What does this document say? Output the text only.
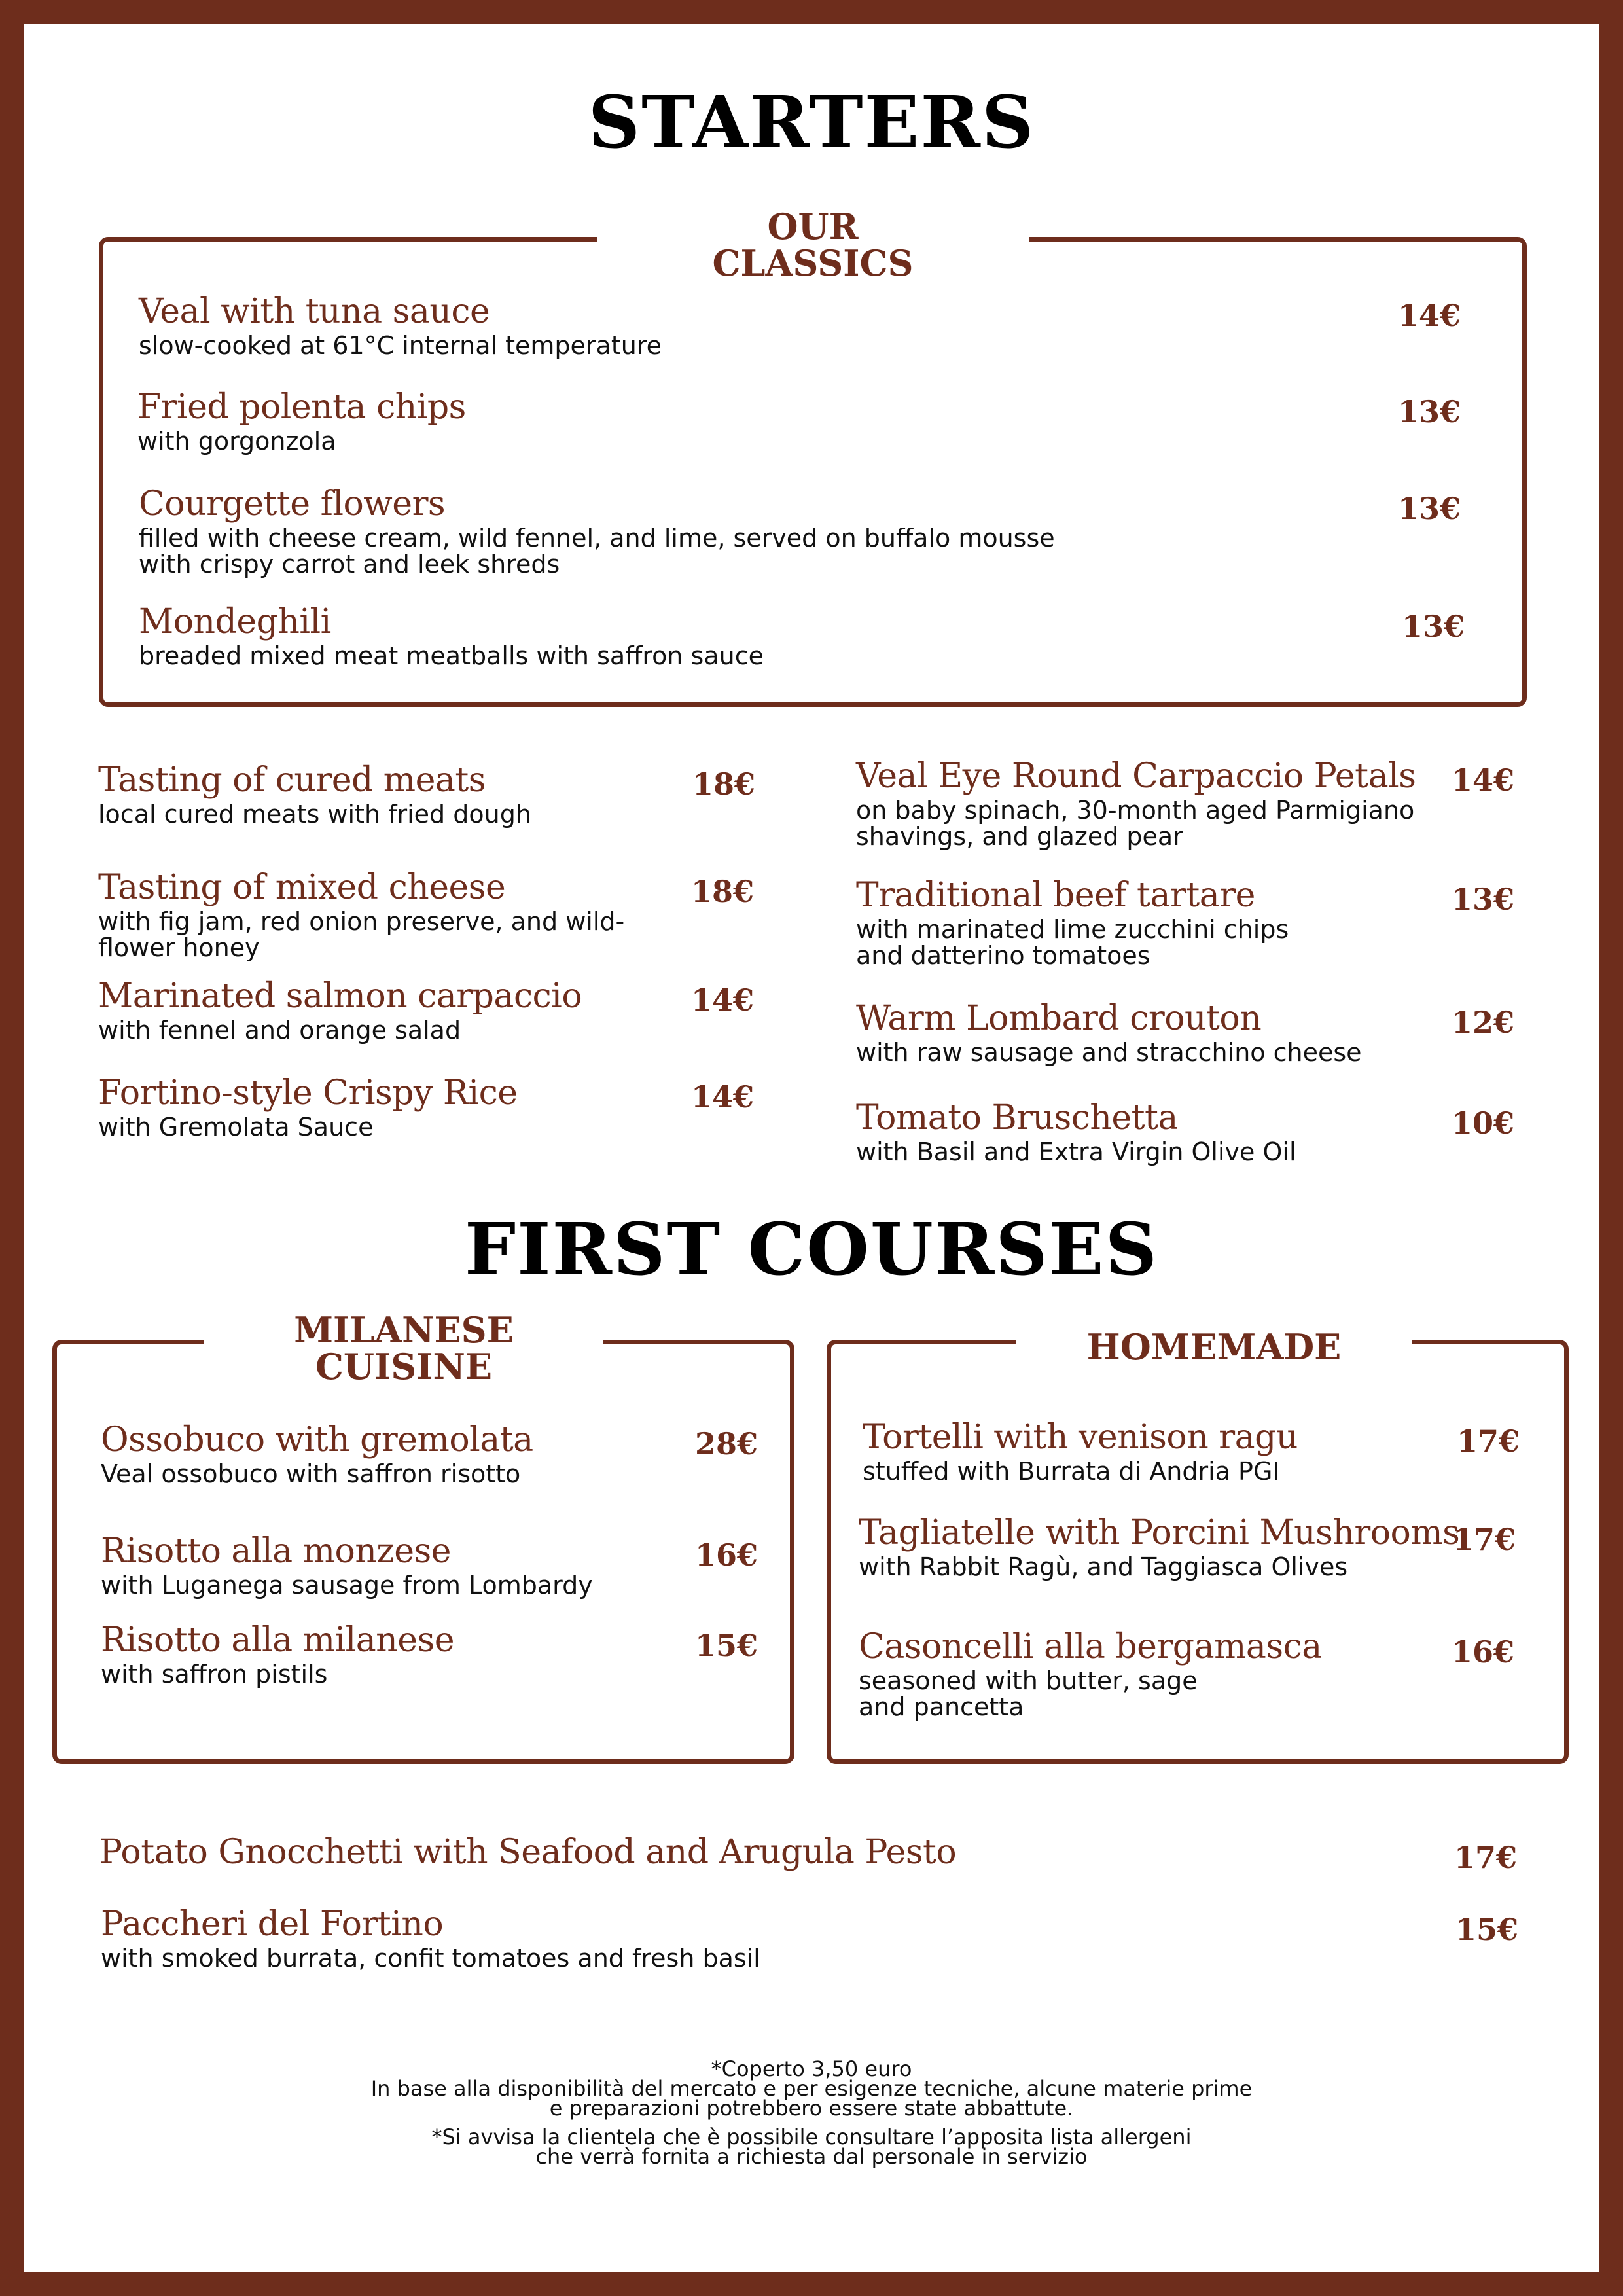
STARTERS
OUR
CLASSICS
Veal with tuna sauce
slow-cooked at 61°C internal temperature
14€
Fried polenta chips
with gorgonzola
13€
Courgette flowers
filled with cheese cream, wild fennel, and lime, served on buffalo mousse
with crispy carrot and leek shreds
13€
Mondeghili
breaded mixed meat meatballs with saffron sauce
13€
Tasting of cured meats
local cured meats with fried dough
18€
Tasting of mixed cheese
with fig jam, red onion preserve, and wild-
flower honey
18€
Marinated salmon carpaccio
with fennel and orange salad
14€
Fortino-style Crispy Rice
with Gremolata Sauce
14€
Veal Eye Round Carpaccio Petals
on baby spinach, 30-month aged Parmigiano
shavings, and glazed pear
14€
Traditional beef tartare
with marinated lime zucchini chips
and datterino tomatoes
13€
Warm Lombard crouton
with raw sausage and stracchino cheese
12€
Tomato Bruschetta
with Basil and Extra Virgin Olive Oil
10€
FIRST COURSES
MILANESE
CUISINE	HOMEMADE
Ossobuco with gremolata
Veal ossobuco with saffron risotto
28€
Risotto alla monzese
with Luganega sausage from Lombardy
16€
Risotto alla milanese
with saffron pistils
15€
Tortelli with venison ragu
stuffed with Burrata di Andria PGI
17€
Tagliatelle with Porcini Mushrooms
with Rabbit Ragù, and Taggiasca Olives
17€
Casoncelli alla bergamasca
seasoned with butter, sage
and pancetta
16€
Potato Gnocchetti with Seafood and Arugula Pesto	17€
Paccheri del Fortino
with smoked burrata, confit tomatoes and fresh basil
15€

*Coperto 3,50 euro

In base alla disponibilità del mercato e per esigenze tecniche, alcune materie prime
e preparazioni potrebbero essere state abbattute.

*Si avvisa la clientela che è possibile consultare l’apposita lista allergeni
che verrà fornita a richiesta dal personale in servizio
